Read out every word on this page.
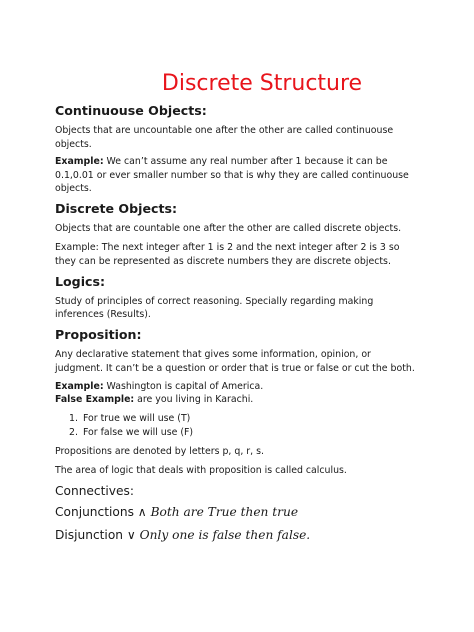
Discrete Structure
Continuouse Objects:
Objects that are uncountable one after the other are called continuouse
objects.
Example: We can’t assume any real number after 1 because it can be
0.1,0.01 or ever smaller number so that is why they are called continuouse
objects.
Discrete Objects:
Objects that are countable one after the other are called discrete objects.
Example: The next integer after 1 is 2 and the next integer after 2 is 3 so
they can be represented as discrete numbers they are discrete objects.
Logics:
Study of principles of correct reasoning. Specially regarding making
inferences (Results).
Proposition:
Any declarative statement that gives some information, opinion, or
judgment. It can’t be a question or order that is true or false or cut the both.
Example: Washington is capital of America.
False Example: are you living in Karachi.
1. For true we will use (T)
2. For false we will use (F)
Propositions are denoted by letters p, q, r, s.
The area of logic that deals with proposition is called calculus.
Connectives:
Conjunctions ∧ Both are True then true
Disjunction ∨ Only one is false then false.
